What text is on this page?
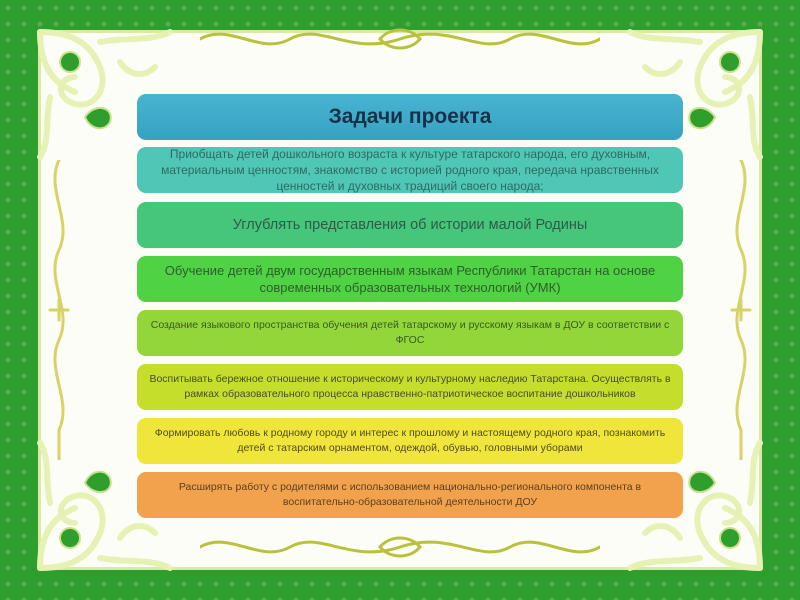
Задачи проекта
Приобщать детей дошкольного возраста к культуре татарского народа, его духовным, материальным ценностям, знакомство с историей родного края, передача нравственных ценностей и духовных традиций своего народа;
Углублять представления об истории малой Родины
Обучение детей двум государственным языкам Республики Татарстан на основе современных образовательных технологий (УМК)
Создание языкового пространства обучения детей татарскому и русскому языкам в ДОУ в соответствии с ФГОС
Воспитывать бережное отношение к историческому и культурному наследию Татарстана. Осуществлять в рамках образовательного процесса нравственно-патриотическое воспитание дошкольников
Формировать любовь к родному городу и интерес к прошлому и настоящему родного края, познакомить детей с татарским орнаментом, одеждой, обувью, головными уборами
Расширять работу с родителями с использованием национально-регионального компонента в воспитательно-образовательной деятельности ДОУ
